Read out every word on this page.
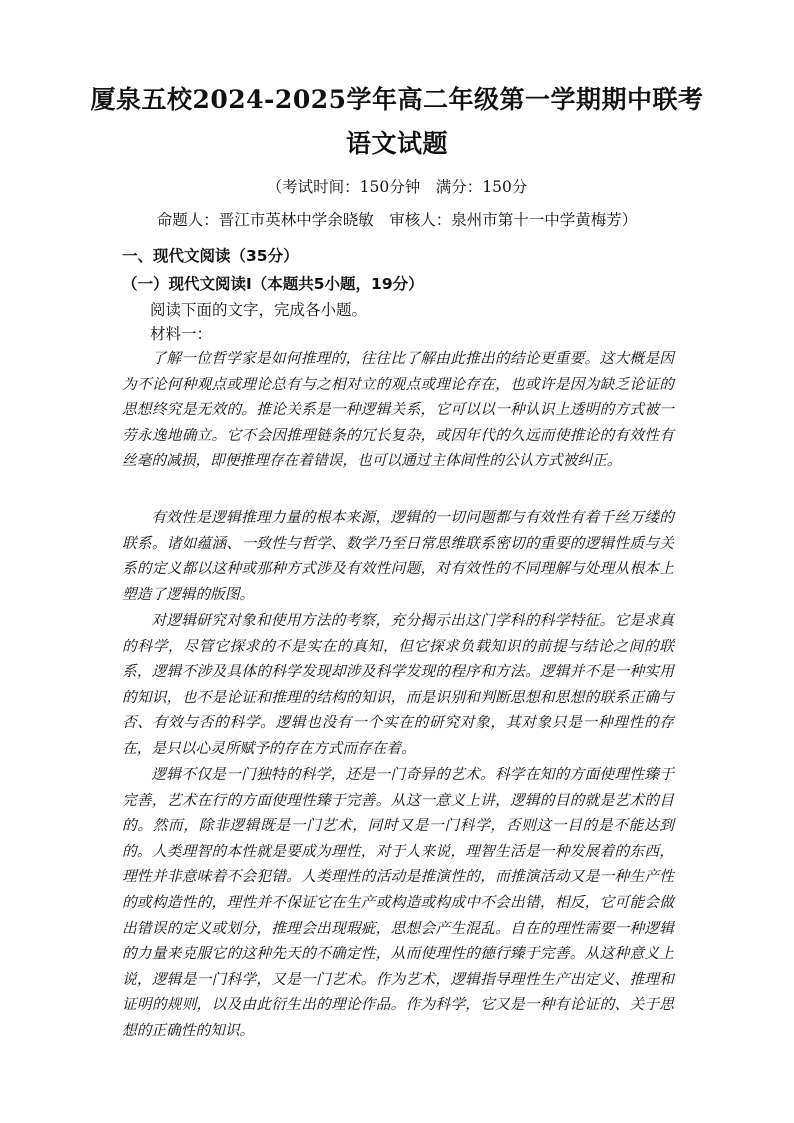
厦泉五校2024-2025学年高二年级第一学期期中联考
语文试题
（考试时间：150分钟　满分：150分
命题人：晋江市英林中学余晓敏　审核人：泉州市第十一中学黄梅芳）
一、现代文阅读（35分）
（一）现代文阅读Ⅰ（本题共5小题，19分）
阅读下面的文字，完成各小题。
材料一：

了解一位哲学家是如何推理的，往往比了解由此推出的结论更重要。这大概是因为不论何种观点或理论总有与之相对立的观点或理论存在，也或许是因为缺乏论证的思想终究是无效的。推论关系是一种逻辑关系，它可以以一种认识上透明的方式被一劳永逸地确立。它不会因推理链条的冗长复杂，或因年代的久远而使推论的有效性有丝毫的减损，即便推理存在着错误，也可以通过主体间性的公认方式被纠正。

有效性是逻辑推理力量的根本来源，逻辑的一切问题都与有效性有着千丝万缕的联系。诸如蕴涵、一致性与哲学、数学乃至日常思维联系密切的重要的逻辑性质与关系的定义都以这种或那种方式涉及有效性问题，对有效性的不同理解与处理从根本上塑造了逻辑的版图。

对逻辑研究对象和使用方法的考察，充分揭示出这门学科的科学特征。它是求真的科学，尽管它探求的不是实在的真知，但它探求负载知识的前提与结论之间的联系，逻辑不涉及具体的科学发现却涉及科学发现的程序和方法。逻辑并不是一种实用的知识，也不是论证和推理的结构的知识，而是识别和判断思想和思想的联系正确与否、有效与否的科学。逻辑也没有一个实在的研究对象，其对象只是一种理性的存在，是只以心灵所赋予的存在方式而存在着。

逻辑不仅是一门独特的科学，还是一门奇异的艺术。科学在知的方面使理性臻于完善，艺术在行的方面使理性臻于完善。从这一意义上讲，逻辑的目的就是艺术的目的。然而，除非逻辑既是一门艺术，同时又是一门科学，否则这一目的是不能达到的。人类理智的本性就是要成为理性，对于人来说，理智生活是一种发展着的东西，理性并非意味着不会犯错。人类理性的活动是推演性的，而推演活动又是一种生产性的或构造性的，理性并不保证它在生产或构造或构成中不会出错，相反，它可能会做出错误的定义或划分，推理会出现瑕疵，思想会产生混乱。自在的理性需要一种逻辑的力量来克服它的这种先天的不确定性，从而使理性的德行臻于完善。从这种意义上说，逻辑是一门科学，又是一门艺术。作为艺术，逻辑指导理性生产出定义、推理和证明的规则，以及由此衍生出的理论作品。作为科学，它又是一种有论证的、关于思想的正确性的知识。
